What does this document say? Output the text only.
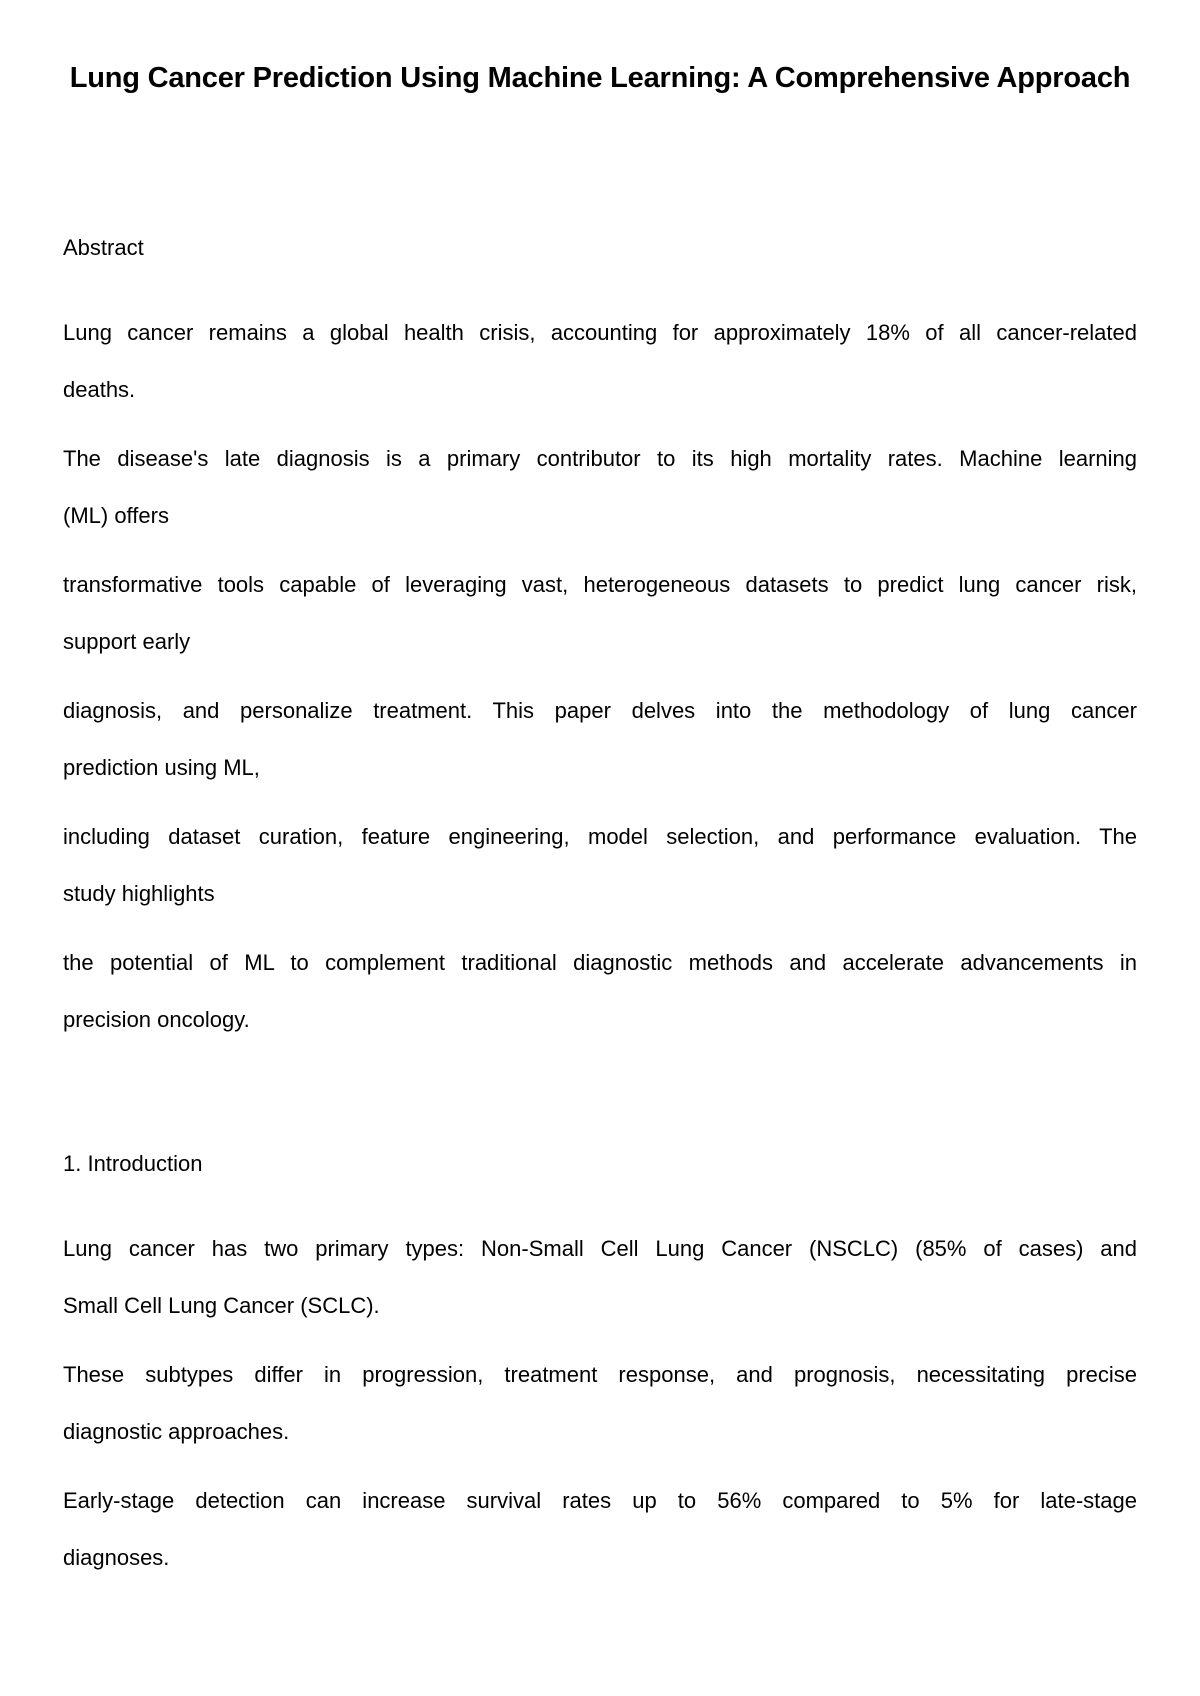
Lung Cancer Prediction Using Machine Learning: A Comprehensive Approach
Abstract

Lung cancer remains a global health crisis, accounting for approximately 18% of all cancer-related
deaths.

The disease's late diagnosis is a primary contributor to its high mortality rates. Machine learning
(ML) offers

transformative tools capable of leveraging vast, heterogeneous datasets to predict lung cancer risk,
support early

diagnosis, and personalize treatment. This paper delves into the methodology of lung cancer
prediction using ML,

including dataset curation, feature engineering, model selection, and performance evaluation. The
study highlights

the potential of ML to complement traditional diagnostic methods and accelerate advancements in
precision oncology.

1. Introduction

Lung cancer has two primary types: Non-Small Cell Lung Cancer (NSCLC) (85% of cases) and
Small Cell Lung Cancer (SCLC).

These subtypes differ in progression, treatment response, and prognosis, necessitating precise
diagnostic approaches.

Early-stage detection can increase survival rates up to 56% compared to 5% for late-stage
diagnoses.
